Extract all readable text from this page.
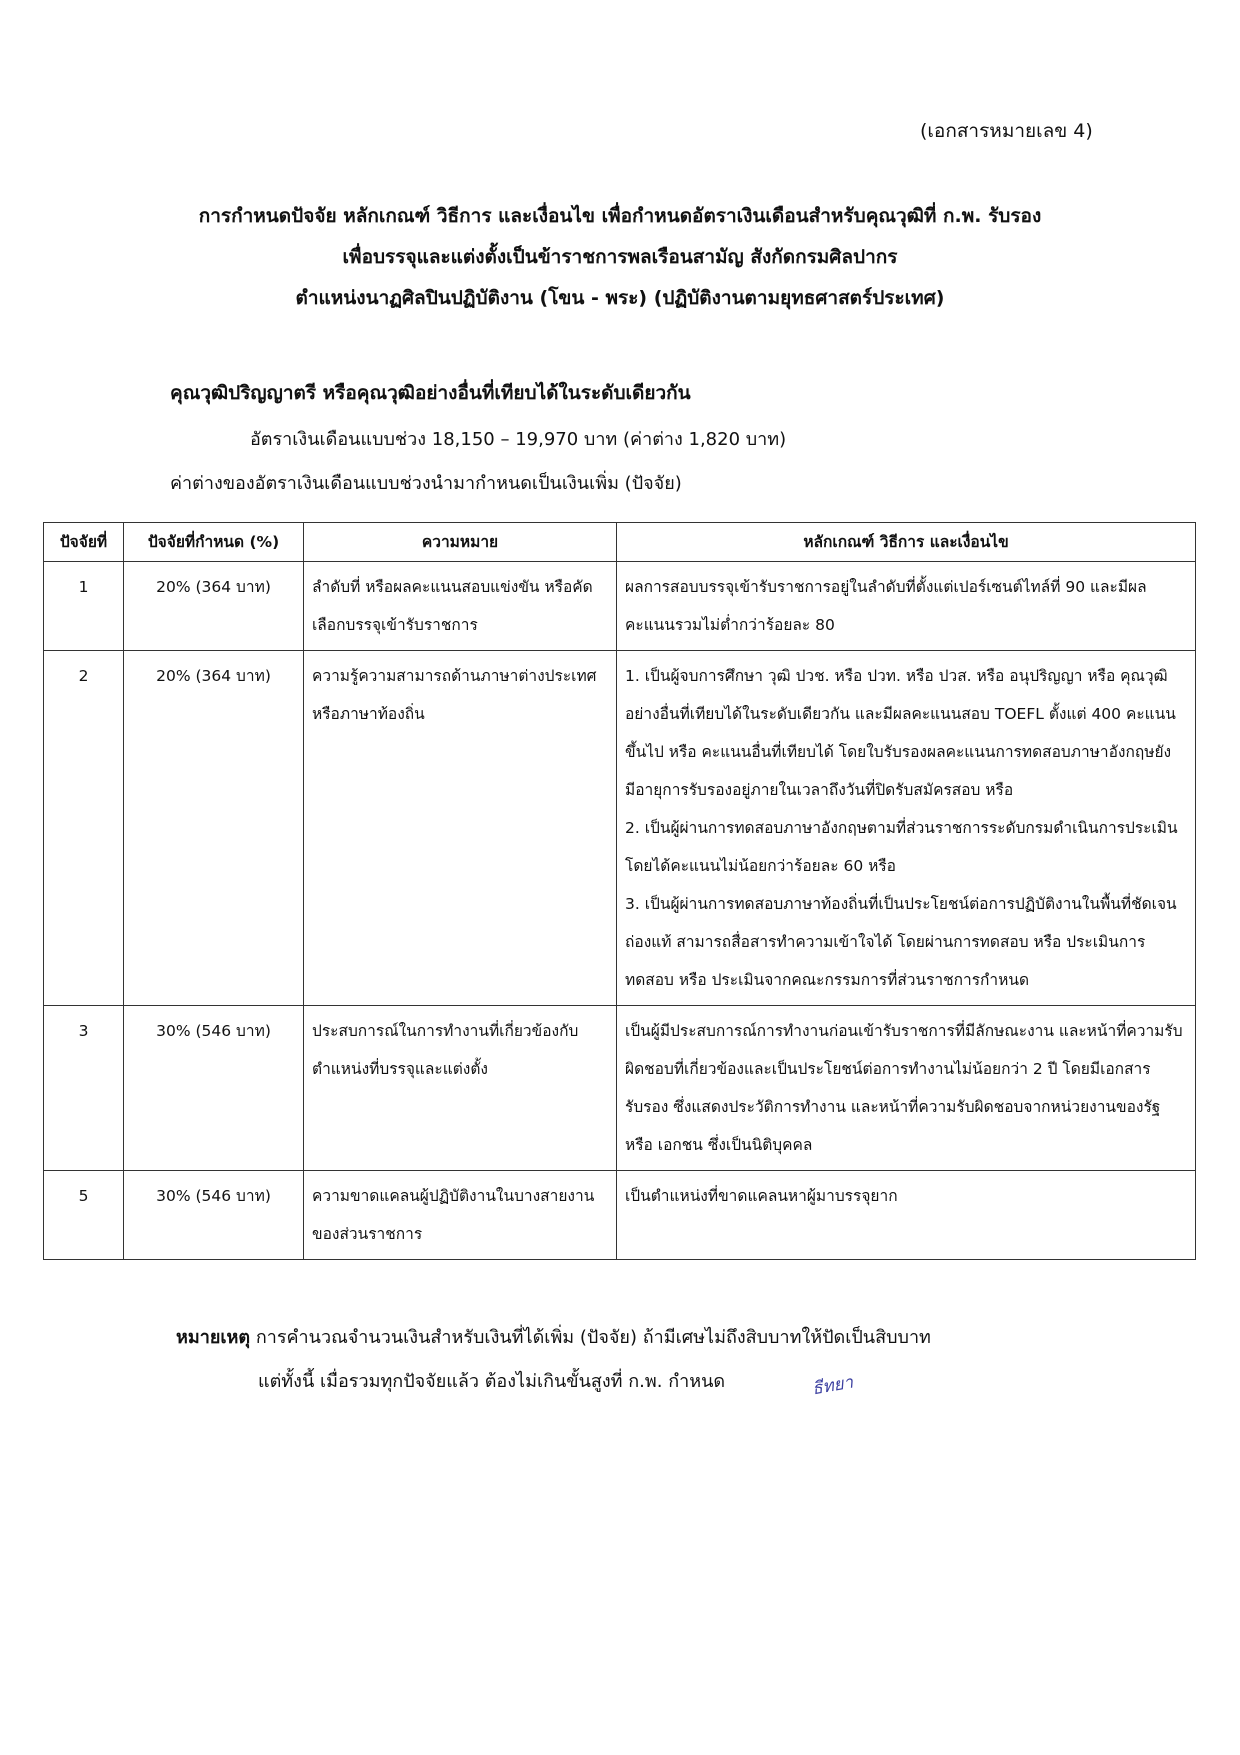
(เอกสารหมายเลข 4)
การกำหนดปัจจัย หลักเกณฑ์ วิธีการ และเงื่อนไข เพื่อกำหนดอัตราเงินเดือนสำหรับคุณวุฒิที่ ก.พ. รับรอง
เพื่อบรรจุและแต่งตั้งเป็นข้าราชการพลเรือนสามัญ สังกัดกรมศิลปากร
ตำแหน่งนาฏศิลปินปฏิบัติงาน (โขน - พระ) (ปฏิบัติงานตามยุทธศาสตร์ประเทศ)
คุณวุฒิปริญญาตรี หรือคุณวุฒิอย่างอื่นที่เทียบได้ในระดับเดียวกัน
อัตราเงินเดือนแบบช่วง 18,150 – 19,970 บาท (ค่าต่าง 1,820 บาท)
ค่าต่างของอัตราเงินเดือนแบบช่วงนำมากำหนดเป็นเงินเพิ่ม (ปัจจัย)
ปัจจัยที่	ปัจจัยที่กำหนด (%)	ความหมาย	หลักเกณฑ์ วิธีการ และเงื่อนไข
1	20% (364 บาท)	ลำดับที่ หรือผลคะแนนสอบแข่งขัน หรือคัดเลือกบรรจุเข้ารับราชการ	ผลการสอบบรรจุเข้ารับราชการอยู่ในลำดับที่ตั้งแต่เปอร์เซนต์ไทล์ที่ 90 และมีผลคะแนนรวมไม่ต่ำกว่าร้อยละ 80

2	20% (364 บาท)	ความรู้ความสามารถด้านภาษาต่างประเทศ หรือภาษาท้องถิ่น	1. เป็นผู้จบการศึกษา วุฒิ ปวช. หรือ ปวท. หรือ ปวส. หรือ อนุปริญญา หรือ คุณวุฒิอย่างอื่นที่เทียบได้ในระดับเดียวกัน และมีผลคะแนนสอบ TOEFL ตั้งแต่ 400 คะแนนขึ้นไป หรือ คะแนนอื่นที่เทียบได้ โดยใบรับรองผลคะแนนการทดสอบภาษาอังกฤษยังมีอายุการรับรองอยู่ภายในเวลาถึงวันที่ปิดรับสมัครสอบ หรือ
2. เป็นผู้ผ่านการทดสอบภาษาอังกฤษตามที่ส่วนราชการระดับกรมดำเนินการประเมิน โดยได้คะแนนไม่น้อยกว่าร้อยละ 60 หรือ
3. เป็นผู้ผ่านการทดสอบภาษาท้องถิ่นที่เป็นประโยชน์ต่อการปฏิบัติงานในพื้นที่ชัดเจน ถ่องแท้ สามารถสื่อสารทำความเข้าใจได้ โดยผ่านการทดสอบ หรือ ประเมินการทดสอบ หรือ ประเมินจากคณะกรรมการที่ส่วนราชการกำหนด

3	30% (546 บาท)	ประสบการณ์ในการทำงานที่เกี่ยวข้องกับตำแหน่งที่บรรจุและแต่งตั้ง	เป็นผู้มีประสบการณ์การทำงานก่อนเข้ารับราชการที่มีลักษณะงาน และหน้าที่ความรับผิดชอบที่เกี่ยวข้องและเป็นประโยชน์ต่อการทำงานไม่น้อยกว่า 2 ปี โดยมีเอกสารรับรอง ซึ่งแสดงประวัติการทำงาน และหน้าที่ความรับผิดชอบจากหน่วยงานของรัฐ หรือ เอกชน ซึ่งเป็นนิติบุคคล

5	30% (546 บาท)	ความขาดแคลนผู้ปฏิบัติงานในบางสายงานของส่วนราชการ	เป็นตำแหน่งที่ขาดแคลนหาผู้มาบรรจุยาก
หมายเหตุ การคำนวณจำนวนเงินสำหรับเงินที่ได้เพิ่ม (ปัจจัย) ถ้ามีเศษไม่ถึงสิบบาทให้ปัดเป็นสิบบาท
แต่ทั้งนี้ เมื่อรวมทุกปัจจัยแล้ว ต้องไม่เกินขั้นสูงที่ ก.พ. กำหนด	ธีทยา
